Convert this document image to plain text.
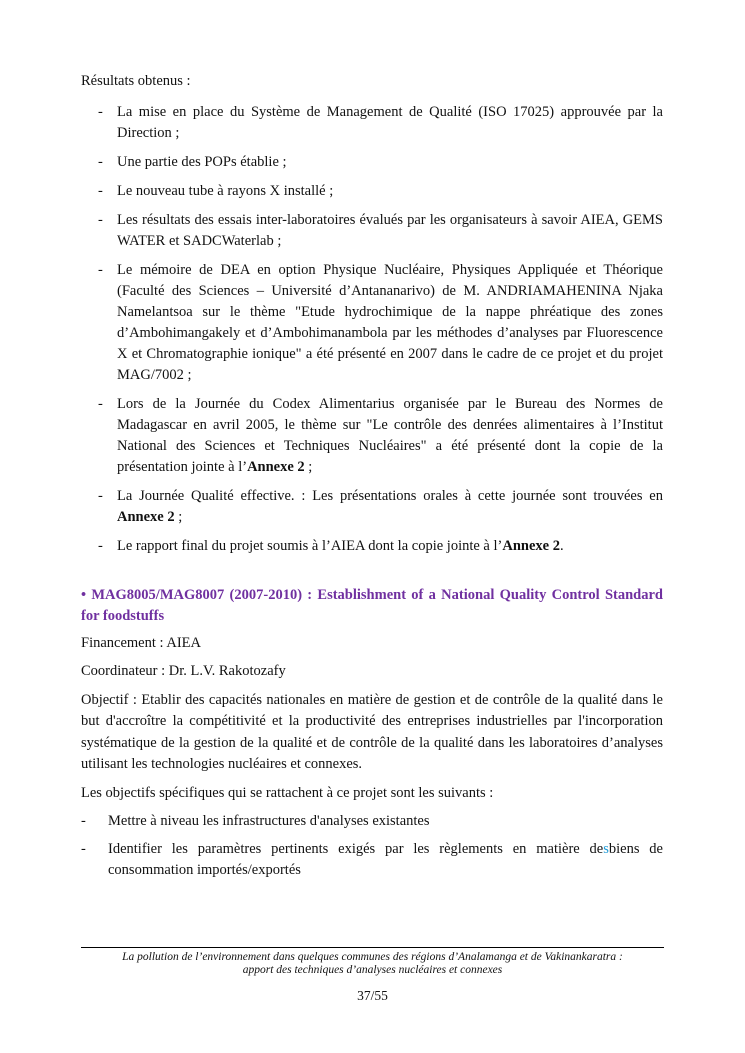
Résultats obtenus :

- La mise en place du Système de Management de Qualité (ISO 17025) approuvée par la Direction ;
- Une partie des POPs établie ;
- Le nouveau tube à rayons X installé ;
- Les résultats des essais inter-laboratoires évalués par les organisateurs à savoir AIEA, GEMS WATER et SADCWaterlab ;
- Le mémoire de DEA en option Physique Nucléaire, Physiques Appliquée et Théorique (Faculté des Sciences – Université d’Antananarivo) de M. ANDRIAMAHENINA Njaka Namelantsoa sur le thème "Etude hydrochimique de la nappe phréatique des zones d’Ambohimangakely et d’Ambohimanambola par les méthodes d’analyses par Fluorescence X et Chromatographie ionique" a été présenté en 2007 dans le cadre de ce projet et du projet MAG/7002 ;
- Lors de la Journée du Codex Alimentarius organisée par le Bureau des Normes de Madagascar en avril 2005, le thème sur "Le contrôle des denrées alimentaires à l’Institut National des Sciences et Techniques Nucléaires" a été présenté dont la copie de la présentation jointe à l’Annexe 2 ;
- La Journée Qualité effective. : Les présentations orales à cette journée sont trouvées en Annexe 2 ;
- Le rapport final du projet soumis à l’AIEA dont la copie jointe à l’Annexe 2.

• MAG8005/MAG8007 (2007-2010) : Establishment of a National Quality Control Standard for foodstuffs

Financement : AIEA

Coordinateur : Dr. L.V. Rakotozafy

Objectif : Etablir des capacités nationales en matière de gestion et de contrôle de la qualité dans le but d'accroître la compétitivité et la productivité des entreprises industrielles par l'incorporation systématique de la gestion de la qualité et de contrôle de la qualité dans les laboratoires d’analyses utilisant les technologies nucléaires et connexes.

Les objectifs spécifiques qui se rattachent à ce projet sont les suivants :

- Mettre à niveau les infrastructures d'analyses existantes
- Identifier les paramètres pertinents exigés par les règlements en matière desbiens de consommation importés/exportés
La pollution de l’environnement dans quelques communes des régions d’Analamanga et de Vakinankaratra :
apport des techniques d’analyses nucléaires et connexes
37/55
